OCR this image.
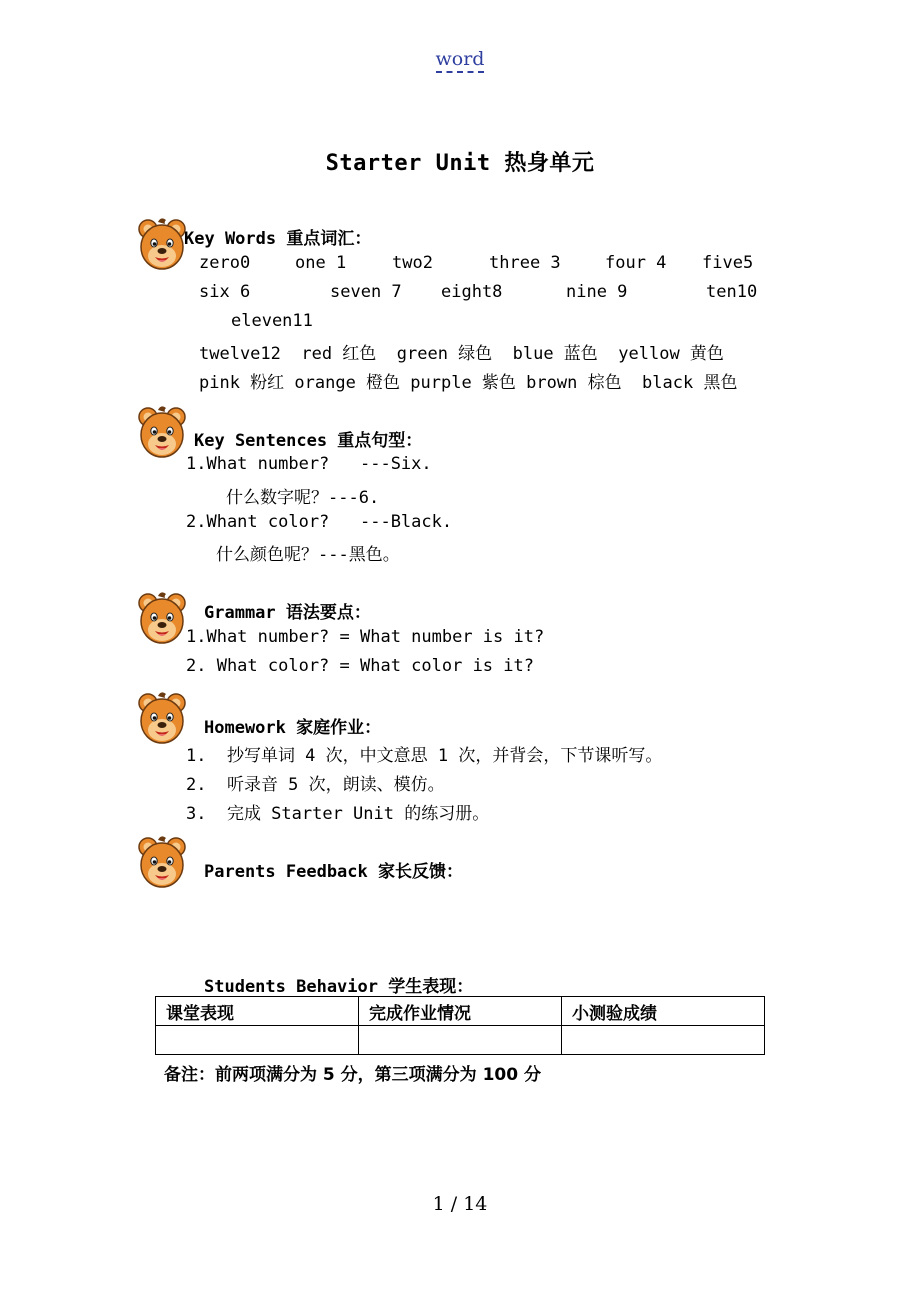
word
Starter Unit 热身单元
Key Words 重点词汇：
zero0	one 1	two2	three 3	four 4 five5
six 6	seven 7 eight8	nine 9	ten10
eleven11
twelve12  red 红色  green 绿色  blue 蓝色  yellow 黄色
pink 粉红 orange 橙色 purple 紫色 brown 棕色  black 黑色
Key Sentences 重点句型：
1.What number?   ---Six.
什么数字呢？---6.
2.Whant color?   ---Black.
什么颜色呢？---黑色。
Grammar 语法要点：
1.What number? = What number is it?
2. What color? = What color is it?
Homework 家庭作业：
1.  抄写单词 4 次，中文意思 1 次，并背会，下节课听写。
2.  听录音 5 次，朗读、模仿。
3.  完成 Starter Unit 的练习册。
Parents Feedback 家长反馈：
Students Behavior 学生表现：
课堂表现	完成作业情况	小测验成绩

备注：前两项满分为 5 分，第三项满分为 100 分
1 / 14
